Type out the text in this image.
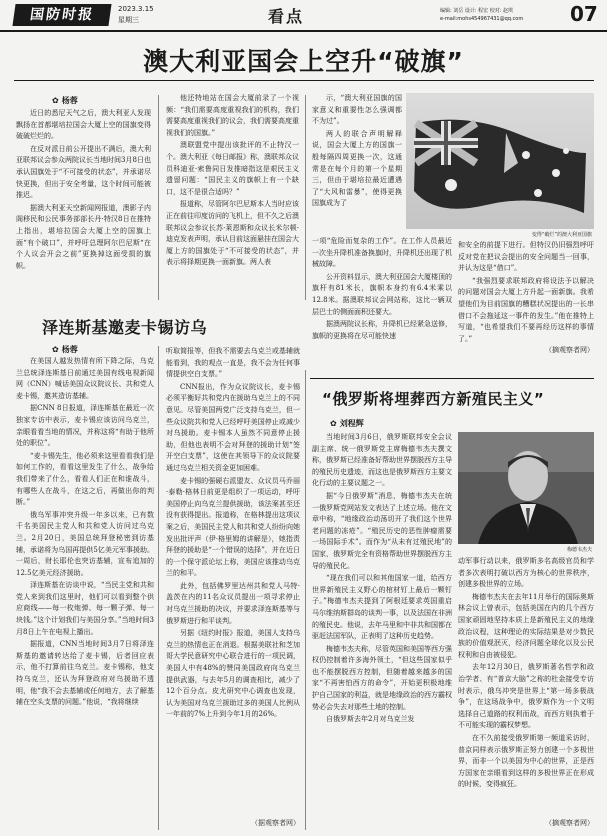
国防时报	2023.3.15
星期三	看点	编辑: 刘岳 设计: 程宏 校对: 赵琪
e-mail:mohs454967431@qq.com	07
澳大利亚国会上空升“破旗”
✿ 杨蓉

近日的悉尼天气之后，澳大利亚人发现飘扬在首都堪培拉国会大厦上空的国旗变得破破烂烂的。

在反对派日前公开提出不满后，澳大利亚联邦议会参众两院议长当地时间3月8日也承认国旗处于“不可接受的状态”，并承诺尽快更换，但出于安全考量，这个时间可能被推迟。

据澳大利亚天空新闻网报道，澳影子内阁移民和公民事务部部长丹·特汉8日在推特上指出，堪培拉国会大厦上空的国旗上面“有个破口”，并呼吁总理阿尔巴尼斯“在个人议会开会之前”更换掉这面受损的旗帜。

他还特地站在国会大厦前录了一个视频：“我们需要高度重视我们的机构，我们需要高度重视我们的议会，我们需要高度重视我们的国旗。”

澳联盟党中提出该批评的不止特汉一个。澳大利亚《每日邮报》称，澳联邦众议员科迪亚·索鲁同日发推暗指这是艰民主义遗留问题：“国民主义的旗帜上有一个缺口，这不是很合适吗？”

报道称，尽管阿尔巴尼斯本人当时应该正在前往印度访问的飞机上，但不久之后澳联邦议会参议长苏·莱恩斯和众议长米尔顿·迪克发表声明，承认目前这面悬挂在国会大厦上方的国旗处于“不可接受的状态”，并表示将择期更换一面新旗。两人表

示，“澳大利亚国旗的国家意义和重要性怎么强调都不为过”。

两人的联合声明解释说，国会大厦上方的国旗一般每隔四周更换一次，这通常是在每个月的第一个星期三，但由于堪培拉最近遭遇了“大风和雷暴”，使得更换国旗成为了

一项“危险而复杂的工作”。在工作人员最近一次坐升降机准备换旗时，升降机还出现了机械故障。

公开资料显示，澳大利亚国会大厦楼顶的旗杆有81米长，旗帜本身约有6.4米乘以12.8米。据澳联邦议会网站称，这比一辆双层巴士的侧面面积还要大。

据澳两院议长称，升降机已经紧急送修，旗帜的更换将在尽可能快速

变得“破烂”的澳大利亚国旗

和安全的前提下进行。但特汉仍旧强烈呼吁反对党在把议会提出的安全问题当一回事，并认为这是“借口”。

“我强烈要求联邦政府将设法予以解决的问题对国会大厦上方升起一面新旗。我希望他们为目前国旗的糟糕状况提出的一长串借口不会拖延这一事件的发生。”他在推特上写道，“也希望我们不要再经历这样的事情了。”

（摘观察者网）
泽连斯基邀麦卡锡访乌
✿ 杨蓉

在美国人越发热情有所下降之际，乌克兰总统泽连斯基日前通过美国有线电视新闻网（CNN）喊话美国众议院议长、共和党人麦卡锡，邀其造访基辅。

据CNN 8日报道，泽连斯基在最近一次独家专访中表示，麦卡锡应该访问乌克兰，亲眼看看当地的情况，并称这将“有助于他所处的职位”。

“麦卡锡先生，他必须来这里看看我们是如何工作的，看看这里发生了什么，战争给我们带来了什么，看看人们正在和谁战斗，有哪些人在战斗，在这之后，再做出你的判断。”

俄乌军事冲突升级一年多以来，已有数千名美国民主党人和共和党人访问过乌克兰。2月20日，美国总统拜登秘密到访基辅，承诺将为乌国再提供5亿美元军事援助。一周后，财长耶伦也突访基辅，宣布追加的12.5亿美元经济援助。

泽连斯基在访谈中说，“当民主党和共和党人来到我们这里时，他们可以看到整个供应商线——每一枚炮弹、每一颗子弹、每一块钱。”这个计划我们与美国分享。”当地时间3月8日上午在电视上播出。

据报道，CNN当地时间3月7日将泽连斯基的邀请转达给了麦卡锡，后者回应表示，他不打算前往乌克兰。麦卡锡称，他支持乌克兰，还认为拜登政府对乌援助不透明，他“我不会去基辅或任何地方，去了解基辅在空头支票的问题。”他说，“我将继续

听取简报等，但我不需要去乌克兰或基辅就能看到，我的观点一直是，我不会为任何事情提供空白支票。”

CNN报出，作为众议院议长，麦卡锡必须平衡好共和党内在援助乌克兰上的不同意见。尽管美国两党广泛支持乌克兰，但一些众议院共和党人已经呼吁美国停止或减少对乌援助。麦卡锡本人虽然不同意停止援助，但他也表明不会对拜登的援助计划“签开空白支票”，这使在其领导下的众议院要通过乌克兰相关资金更加困难。

麦卡锡的强硬右派盟友、众议员马乔丽·泰勒·格林日前更是组织了一项运动，呼吁美国停止向乌克兰提供援助，该法案甚至还没有获得提出。报道称，在格林提出这项议案之后，美国民主党人和共和党人纷纷向她发出批评声（伊·格里姆的讲解是），她指责拜登的援助是“一个错误的选择”，并在近日的一个保守派论坛上称，美国应该推动乌克兰的和平。

此外，包括佛罗里达州共和党人马特·盖茨在内的11名众议员提出一项寻求停止对乌克兰援助的决议，并要求泽连斯基等与俄罗斯进行和平谈判。

另据《纽约时报》报道，美国人支持乌克兰的热情也正在消退。根据美联社和芝加哥大学民意研究中心联合进行的一项民调，美国人中有48%的赞同美国政府向乌克兰提供武器，与去年5月的调查相比，减少了12个百分点。皮尤研究中心调查也发现，认为美国对乌克兰援助过多的美国人比例从一年前的7%上升到今年1月的26%。

（据观察者网）
“俄罗斯将埋葬西方新殖民主义”
✿ 刘程辉

当地时间3月6日，俄罗斯联邦安全会议副主席、统一俄罗斯党主席梅德韦杰夫撰文称，俄罗斯已经准备好帮助世界摆脱西方主导的殖民历史遗迹，而这也是俄罗斯西方主要文化行动的主要议题之一。

据“今日俄罗斯”消息，梅德韦杰夫在统一俄罗斯党网站发文表达了上述立场。他在文章中称，“地缘政治动荡切开了我们这个世界老问题的冻疮”。“殖民历史的恶性肿瘤需要一场国际手术”。而作为“从未有过殖民地”的国家，俄罗斯完全有资格帮助世界摆脱西方主导的殖民化。

“现在我们可以和其他国家一道，给西方世界新殖民主义野心的棺材钉上最后一颗钉子。”梅德韦杰夫提到了阿根廷要求英国重启马尔维纳斯群岛的谈判一事，以及法国在非洲的殖民史。他说，去年马里和中非共和国都在驱赶法国军队，正表明了这种历史趋势。

梅德韦杰夫称，尽管英国和美国等西方强权仍控制着许多海外领土，“但这些国家似乎也不能摆脱西方控制，但随着越来越多的国家“不再害怕西方的命令”，开始更积极地维护自己国家的利益，就是地缘政治的西方霸权势必会失去对那些土地的控制。

自俄罗斯去年2月对乌克兰发

梅德韦杰夫

动军事行动以来，俄罗斯多名高级官员和学者多次表明打破以西方为核心的世界秩序，创建多极世界的立场。

梅德韦杰夫在去年11月举行的国际奥斯林会议上曾表示，包括美国在内的几个西方国家顽固地坚持本质上是新殖民主义的地缘政治议程，这种理论的实际结果是对少数民族的价值观泯灭，经济问题全球化以及公民权利和自由被侵犯。

去年12月30日，俄罗斯著名哲学和政治学者、有“普京大脑”之称的杜金接受专访时表示，俄乌冲突是世界上“第一场多极战争”，在这场战争中，俄罗斯作为一个文明选择自己道路的权利而战，而西方则执着于不可能实现的霸权梦想。

在不久前接受俄罗斯第一频道采访时，普京同样表示俄罗斯正努力创建一个多极世界，而非一个以美国为中心的世界，正是西方国家在亲眼看到这样的多极世界正在形成的时候，变得疯狂。

（摘观察者网）
